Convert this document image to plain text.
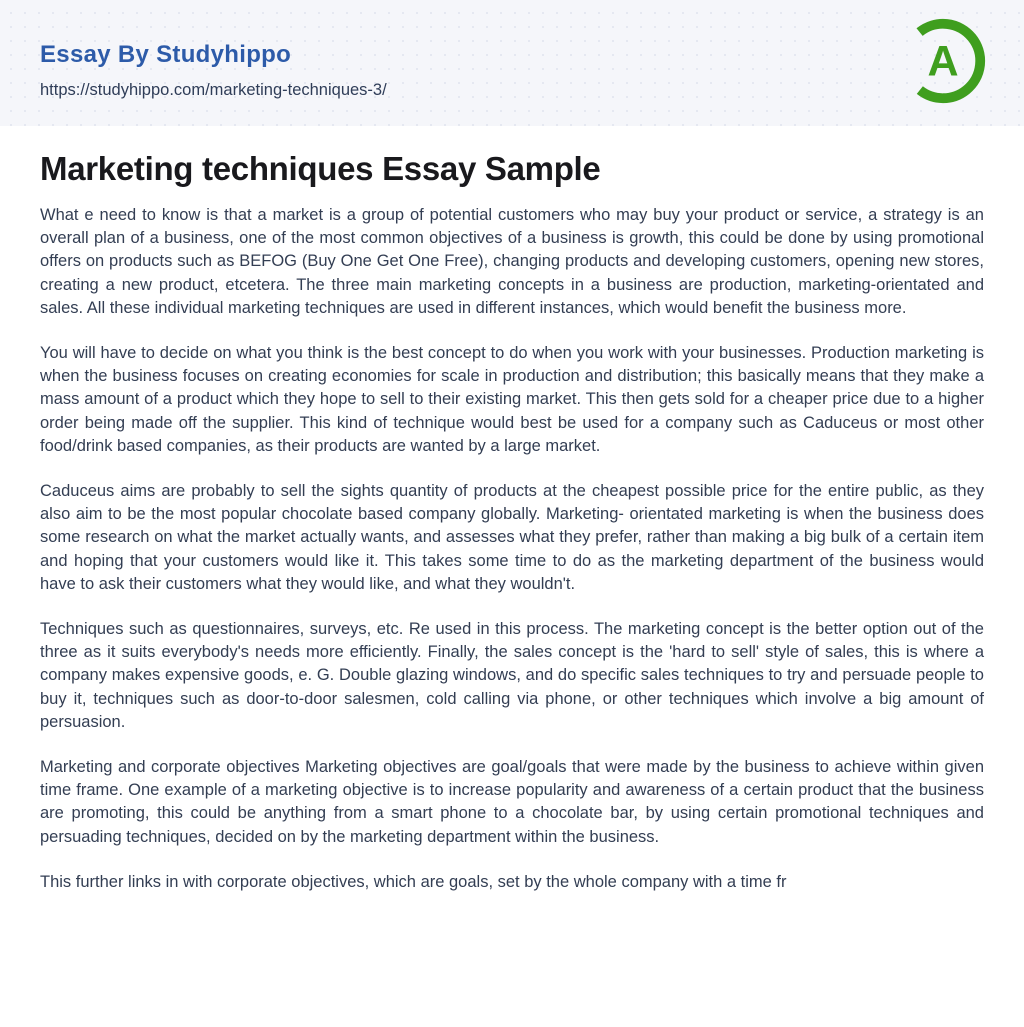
Essay By Studyhippo
https://studyhippo.com/marketing-techniques-3/
A
Marketing techniques Essay Sample

What e need to know is that a market is a group of potential customers who may buy your product or service, a strategy is an overall plan of a business, one of the most common objectives of a business is growth, this could be done by using promotional offers on products such as BEFOG (Buy One Get One Free), changing products and developing customers, opening new stores, creating a new product, etcetera. The three main marketing concepts in a business are production, marketing-orientated and sales. All these individual marketing techniques are used in different instances, which would benefit the business more.

You will have to decide on what you think is the best concept to do when you work with your businesses. Production marketing is when the business focuses on creating economies for scale in production and distribution; this basically means that they make a mass amount of a product which they hope to sell to their existing market. This then gets sold for a cheaper price due to a higher order being made off the supplier. This kind of technique would best be used for a company such as Caduceus or most other food/drink based companies, as their products are wanted by a large market.

Caduceus aims are probably to sell the sights quantity of products at the cheapest possible price for the entire public, as they also aim to be the most popular chocolate based company globally. Marketing- orientated marketing is when the business does some research on what the market actually wants, and assesses what they prefer, rather than making a big bulk of a certain item and hoping that your customers would like it. This takes some time to do as the marketing department of the business would have to ask their customers what they would like, and what they wouldn't.

Techniques such as questionnaires, surveys, etc. Re used in this process. The marketing concept is the better option out of the three as it suits everybody's needs more efficiently. Finally, the sales concept is the 'hard to sell' style of sales, this is where a company makes expensive goods, e. G. Double glazing windows, and do specific sales techniques to try and persuade people to buy it, techniques such as door-to-door salesmen, cold calling via phone, or other techniques which involve a big amount of persuasion.

Marketing and corporate objectives Marketing objectives are goal/goals that were made by the business to achieve within given time frame. One example of a marketing objective is to increase popularity and awareness of a certain product that the business are promoting, this could be anything from a smart phone to a chocolate bar, by using certain promotional techniques and persuading techniques, decided on by the marketing department within the business.

This further links in with corporate objectives, which are goals, set by the whole company with a time fr
